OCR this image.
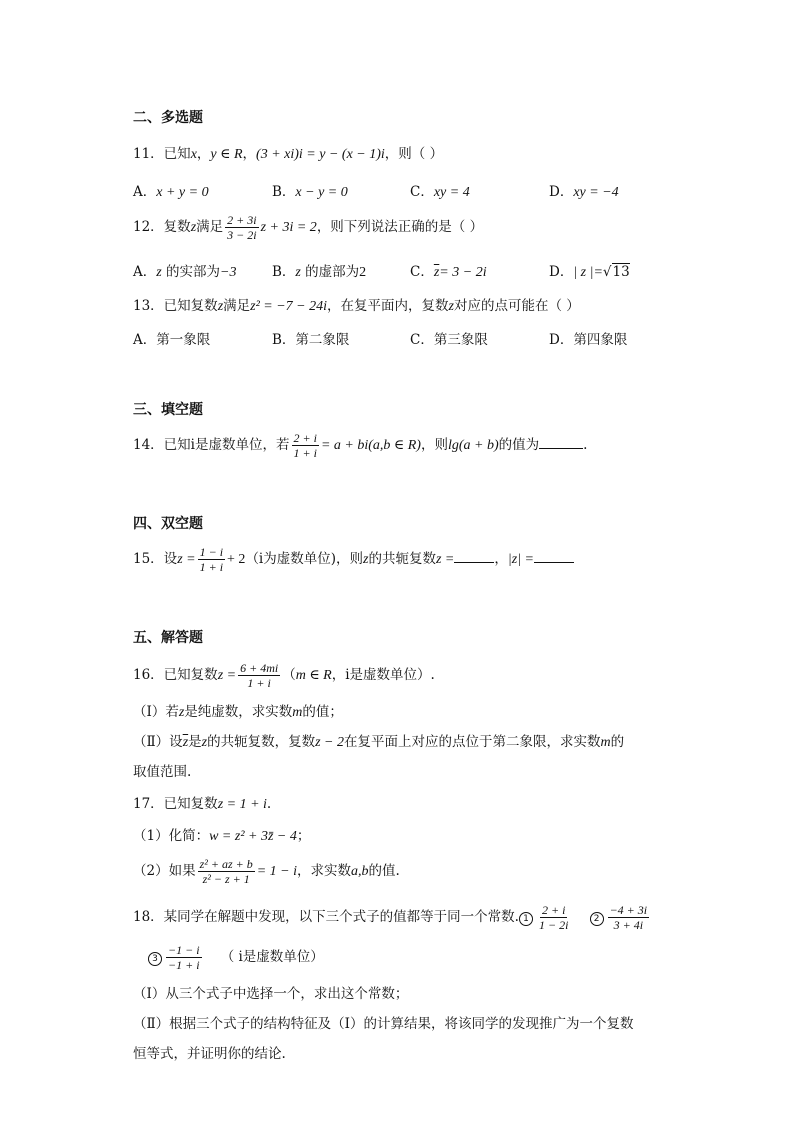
二、多选题
11．已知x，y ∈ R，(3 + xi)i = y − (x − 1)i，则（ ）
A．x + y = 0	B．x − y = 0	C．xy = 4	D．xy = −4
12．复数z满足 $\frac{2 + 3i}{3 - 2i}$ z + 3i = 2，则下列说法正确的是（ ）
A．z 的实部为−3	B．z 的虚部为2	C．$\overline{z}= 3 - 2i$	D．| z |=√13
13．已知复数z满足z² = −7 − 24i，在复平面内，复数z对应的点可能在（ ）
A．第一象限	B．第二象限	C．第三象限	D．第四象限
三、填空题
14．已知i是虚数单位，若 $\frac{2 + i}{1 + i} = a + bi(a,b$ ∈ R)，则lg(a + b)的值为	.
四、双空题
15．设$z = \frac{1 - i}{1 + i} + 2(i$为虚数单位)，则z的共轭复数z =	，|z| =
五、解答题
16．已知复数$z = \frac{6 + 4mi}{1 + i} (m$ ∈ R，i是虚数单位）.
（Ⅰ）若z是纯虚数，求实数m的值；
（Ⅱ）设$\overline{z}$是z的共轭复数，复数z − 2在复平面上对应的点位于第二象限，求实数m的
取值范围.
17．已知复数z = 1 + i.
（1）化简：w = z² + 3z̄ − 4；
（2）如果 $\frac{\text{z² + az + b}}{\text{z² − z + 1}} = 1 - i$，求实数a,b的值.
18．某同学在解题中发现，以下三个式子的值都等于同一个常数. $1 \frac{2 + i}{1 - 2i}$	$2 \frac{-4 + 3i}{3 + 4i}$
$3 \frac{-1 - i}{-1 + i}$ （ i是虚数单位）
（Ⅰ）从三个式子中选择一个，求出这个常数；
（Ⅱ）根据三个式子的结构特征及（Ⅰ）的计算结果，将该同学的发现推广为一个复数
恒等式，并证明你的结论.
